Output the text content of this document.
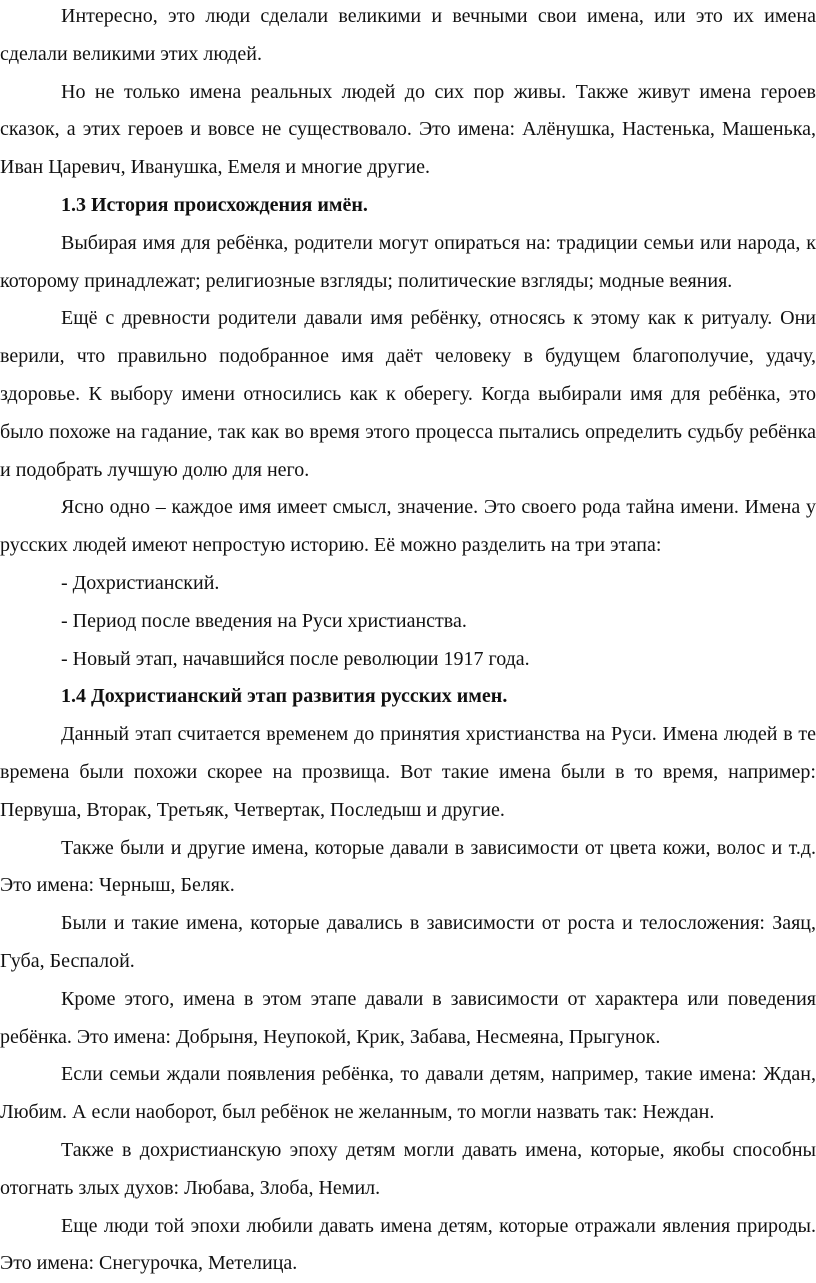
Интересно, это люди сделали великими и вечными свои имена, или это их имена сделали великими этих людей.

Но не только имена реальных людей до сих пор живы. Также живут имена героев сказок, а этих героев и вовсе не существовало. Это имена: Алёнушка, Настенька, Машенька, Иван Царевич, Иванушка, Емеля и многие другие.

1.3 История происхождения имён.

Выбирая имя для ребёнка, родители могут опираться на: традиции семьи или народа, к которому принадлежат; религиозные взгляды; политические взгляды; модные веяния.

Ещё с древности родители давали имя ребёнку, относясь к этому как к ритуалу. Они верили, что правильно подобранное имя даёт человеку в будущем благополучие, удачу, здоровье. К выбору имени относились как к оберегу. Когда выбирали имя для ребёнка, это было похоже на гадание, так как во время этого процесса пытались определить судьбу ребёнка и подобрать лучшую долю для него.

Ясно одно – каждое имя имеет смысл, значение. Это своего рода тайна имени. Имена у русских людей имеют непростую историю. Её можно разделить на три этапа:

- Дохристианский.

- Период после введения на Руси христианства.

- Новый этап, начавшийся после революции 1917 года.

1.4 Дохристианский этап развития русских имен.

Данный этап считается временем до принятия христианства на Руси. Имена людей в те времена были похожи скорее на прозвища. Вот такие имена были в то время, например: Первуша, Вторак, Третьяк, Четвертак, Последыш и другие.

Также были и другие имена, которые давали в зависимости от цвета кожи, волос и т.д. Это имена: Черныш, Беляк.

Были и такие имена, которые давались в зависимости от роста и телосложения: Заяц, Губа, Беспалой.

Кроме этого, имена в этом этапе давали в зависимости от характера или поведения ребёнка. Это имена: Добрыня, Неупокой, Крик, Забава, Несмеяна, Прыгунок.

Если семьи ждали появления ребёнка, то давали детям, например, такие имена: Ждан, Любим. А если наоборот, был ребёнок не желанным, то могли назвать так: Неждан.

Также в дохристианскую эпоху детям могли давать имена, которые, якобы способны отогнать злых духов: Любава, Злоба, Немил.

Еще люди той эпохи любили давать имена детям, которые отражали явления природы. Это имена: Снегурочка, Метелица.
